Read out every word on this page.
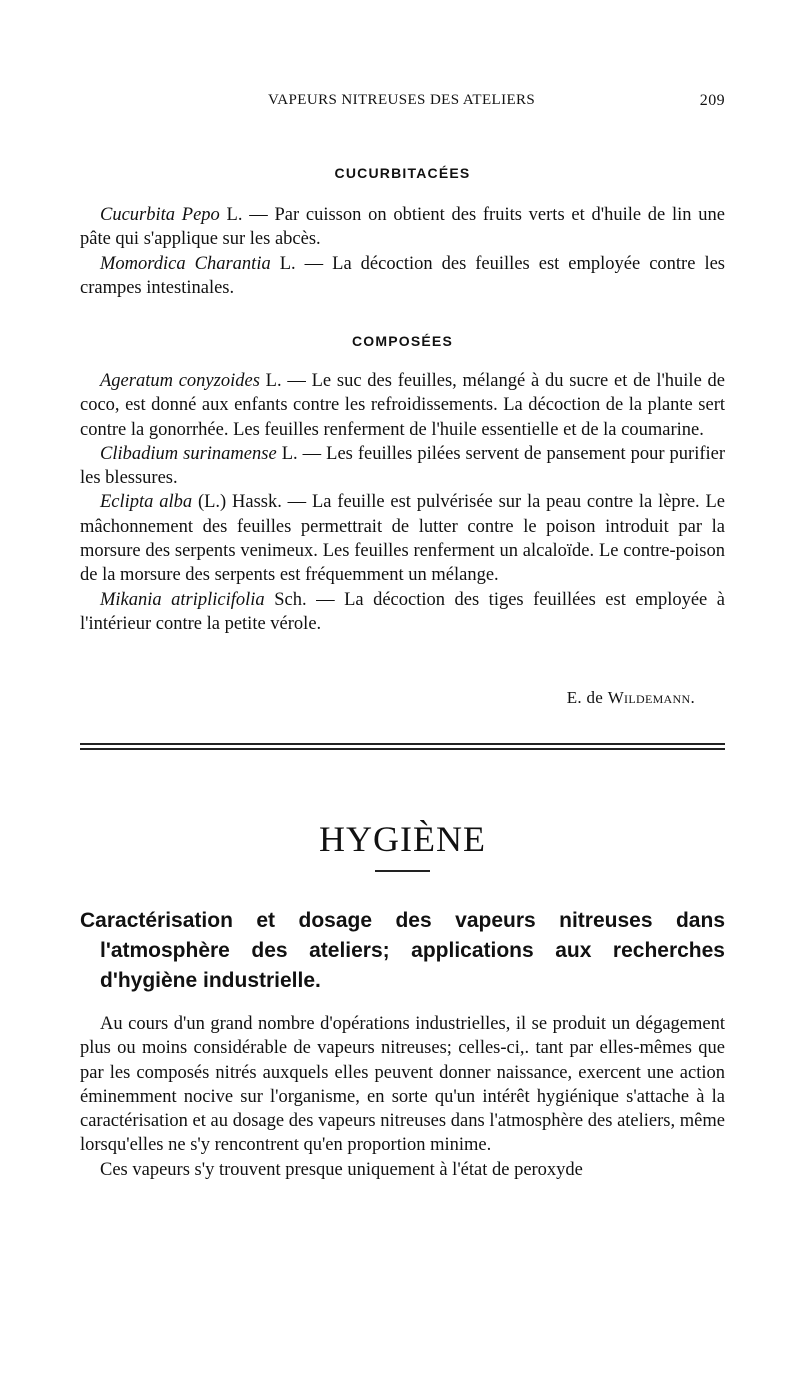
VAPEURS NITREUSES DES ATELIERS	209
CUCURBITACÉES

Cucurbita Pepo L. — Par cuisson on obtient des fruits verts et d'huile de lin une pâte qui s'applique sur les abcès.

Momordica Charantia L. — La décoction des feuilles est employée contre les crampes intestinales.

COMPOSÉES

Ageratum conyzoides L. — Le suc des feuilles, mélangé à du sucre et de l'huile de coco, est donné aux enfants contre les refroidissements. La décoction de la plante sert contre la gonorrhée. Les feuilles renferment de l'huile essentielle et de la coumarine.

Clibadium surinamense L. — Les feuilles pilées servent de pansement pour purifier les blessures.

Eclipta alba (L.) Hassk. — La feuille est pulvérisée sur la peau contre la lèpre. Le mâchonnement des feuilles permettrait de lutter contre le poison introduit par la morsure des serpents venimeux. Les feuilles renferment un alcaloïde. Le contre-poison de la morsure des serpents est fréquemment un mélange.

Mikania atriplicifolia Sch. — La décoction des tiges feuillées est employée à l'intérieur contre la petite vérole.

E. de Wildemann.
HYGIÈNE
Caractérisation et dosage des vapeurs nitreuses dans l'atmosphère des ateliers; applications aux recherches d'hygiène industrielle.

Au cours d'un grand nombre d'opérations industrielles, il se produit un dégagement plus ou moins considérable de vapeurs nitreuses; celles-ci,. tant par elles-mêmes que par les composés nitrés auxquels elles peuvent donner naissance, exercent une action éminemment nocive sur l'organisme, en sorte qu'un intérêt hygiénique s'attache à la caractérisation et au dosage des vapeurs nitreuses dans l'atmosphère des ateliers, même lorsqu'elles ne s'y rencontrent qu'en proportion minime.

Ces vapeurs s'y trouvent presque uniquement à l'état de peroxyde
